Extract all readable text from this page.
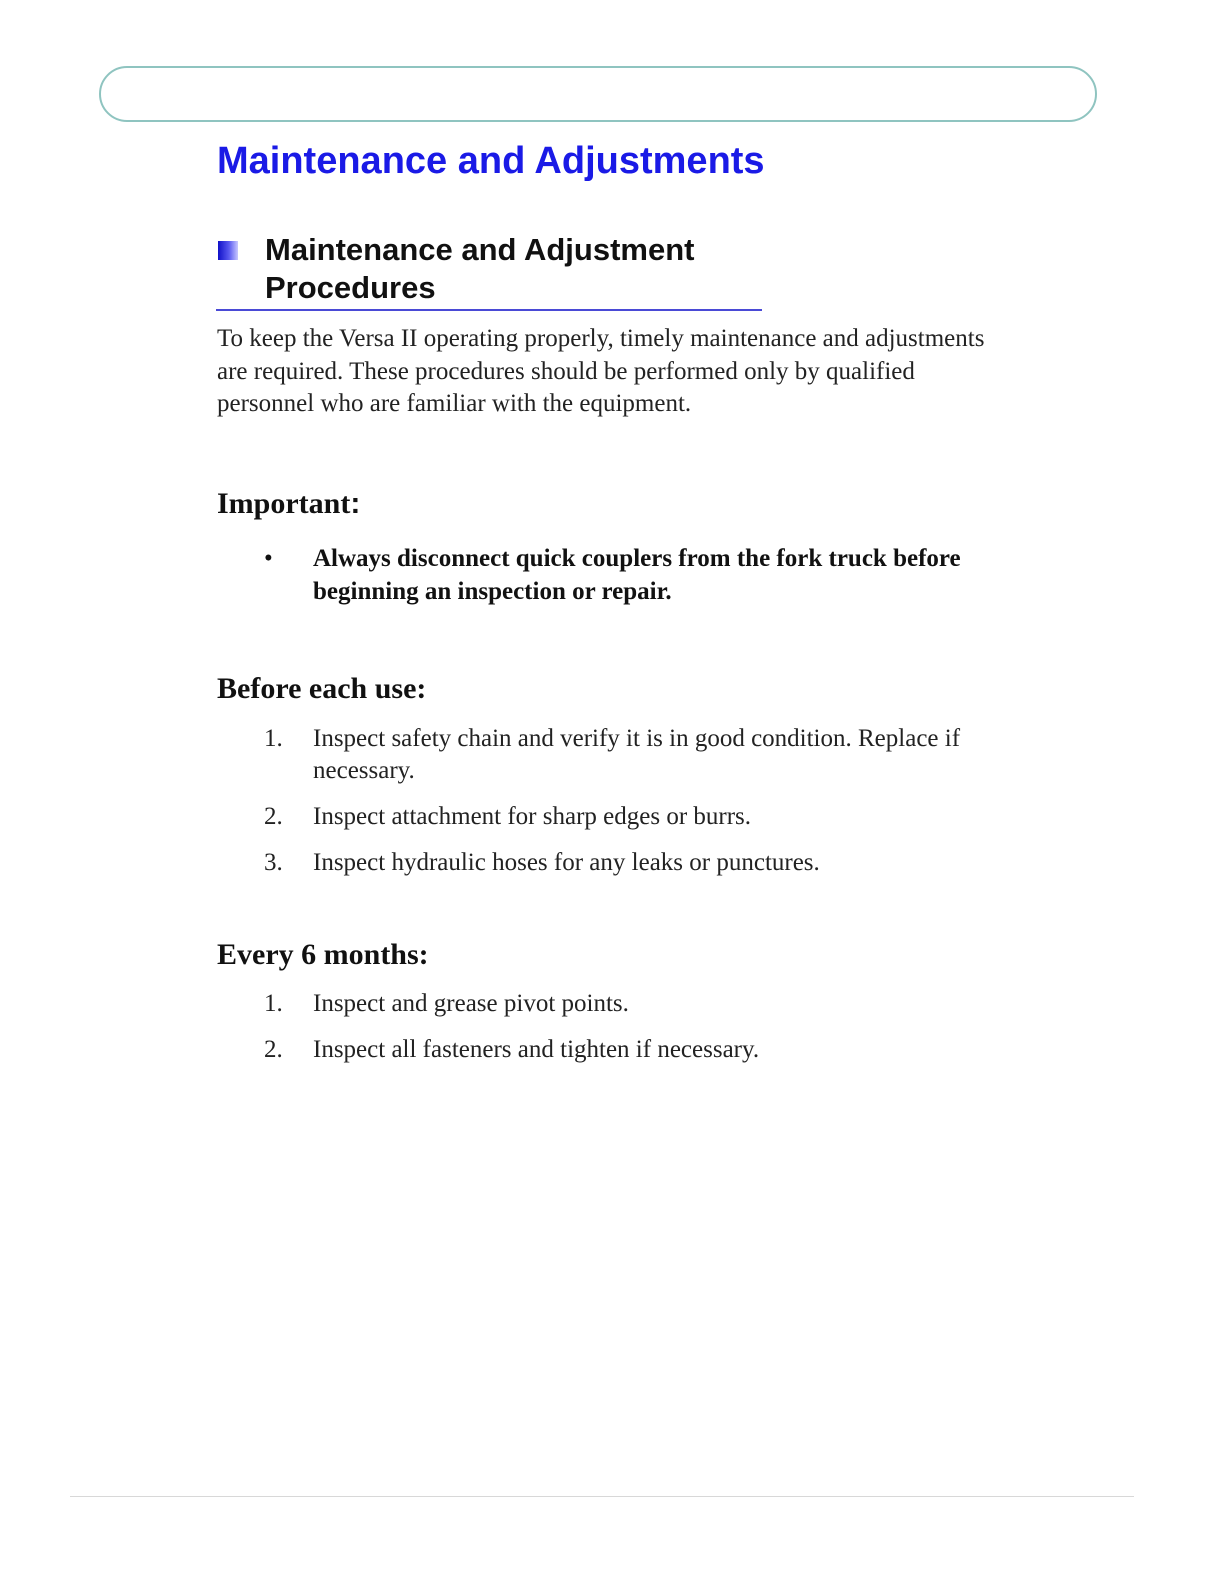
Maintenance and Adjustments
Maintenance and Adjustment Procedures

To keep the Versa II operating properly, timely maintenance and adjustments are required. These procedures should be performed only by qualified personnel who are familiar with the equipment.

Important:
• Always disconnect quick couplers from the fork truck before beginning an inspection or repair.

Before each use:
1. Inspect safety chain and verify it is in good condition. Replace if necessary.
2. Inspect attachment for sharp edges or burrs.
3. Inspect hydraulic hoses for any leaks or punctures.
Every 6 months:
1. Inspect and grease pivot points.
2. Inspect all fasteners and tighten if necessary.
